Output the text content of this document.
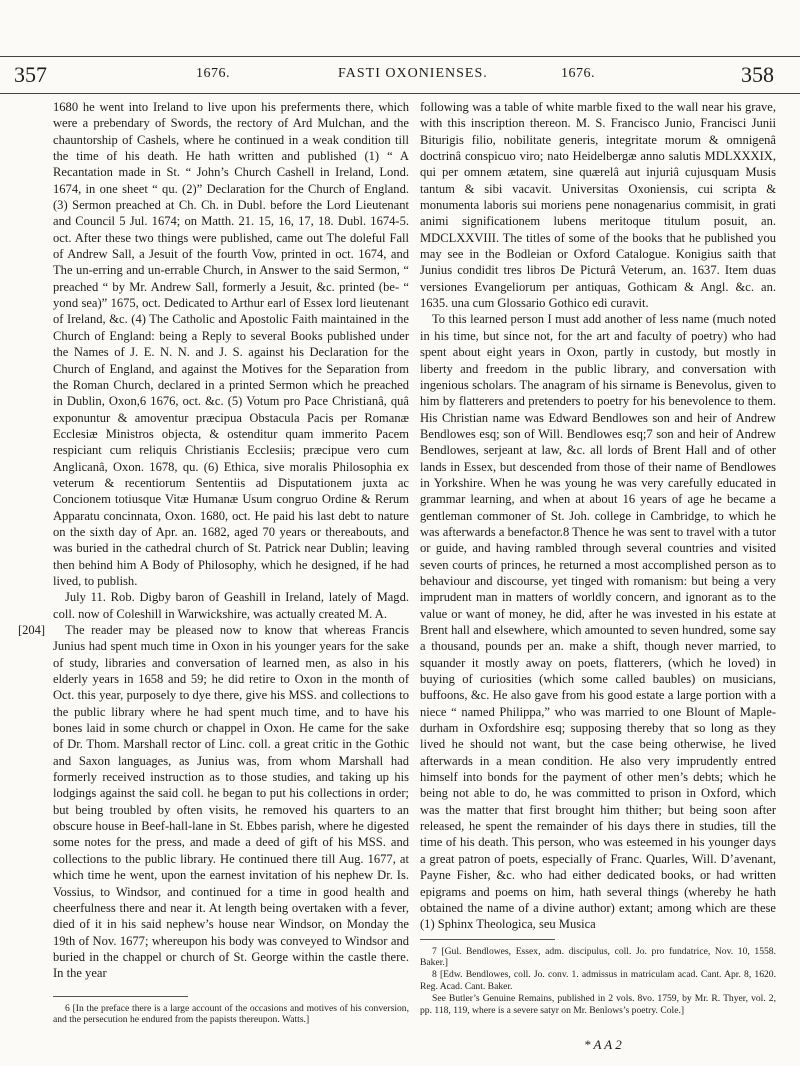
357	1676.	FASTI OXONIENSES.	1676.	358
[204]

1680 he went into Ireland to live upon his preferments there, which were a prebendary of Swords, the rectory of Ard Mulchan, and the chauntorship of Cashels, where he continued in a weak condition till the time of his death. He hath written and published (1) “ A Recantation made in St. “ John’s Church Cashell in Ireland, Lond. 1674, in one sheet “ qu. (2)” Declaration for the Church of England. (3) Sermon preached at Ch. Ch. in Dubl. before the Lord Lieutenant and Council 5 Jul. 1674; on Matth. 21. 15, 16, 17, 18. Dubl. 1674-5. oct. After these two things were published, came out The doleful Fall of Andrew Sall, a Jesuit of the fourth Vow, printed in oct. 1674, and The un-erring and un-errable Church, in Answer to the said Sermon, “ preached “ by Mr. Andrew Sall, formerly a Jesuit, &c. printed (be- “ yond sea)” 1675, oct. Dedicated to Arthur earl of Essex lord lieutenant of Ireland, &c. (4) The Catholic and Apostolic Faith maintained in the Church of England: being a Reply to several Books published under the Names of J. E. N. N. and J. S. against his Declaration for the Church of England, and against the Motives for the Separation from the Roman Church, declared in a printed Sermon which he preached in Dublin, Oxon,6 1676, oct. &c. (5) Votum pro Pace Christianâ, quâ exponuntur & amoventur præcipua Obstacula Pacis per Romanæ Ecclesiæ Ministros objecta, & ostenditur quam immerito Pacem respiciant cum reliquis Christianis Ecclesiis; præcipue vero cum Anglicanâ, Oxon. 1678, qu. (6) Ethica, sive moralis Philosophia ex veterum & recentiorum Sententiis ad Disputationem juxta ac Concionem totiusque Vitæ Humanæ Usum congruo Ordine & Rerum Apparatu concinnata, Oxon. 1680, oct. He paid his last debt to nature on the sixth day of Apr. an. 1682, aged 70 years or thereabouts, and was buried in the cathedral church of St. Patrick near Dublin; leaving then behind him A Body of Philosophy, which he designed, if he had lived, to publish.

July 11. Rob. Digby baron of Geashill in Ireland, lately of Magd. coll. now of Coleshill in Warwickshire, was actually created M. A.

The reader may be pleased now to know that whereas Francis Junius had spent much time in Oxon in his younger years for the sake of study, libraries and conversation of learned men, as also in his elderly years in 1658 and 59; he did retire to Oxon in the month of Oct. this year, purposely to dye there, give his MSS. and collections to the public library where he had spent much time, and to have his bones laid in some church or chappel in Oxon. He came for the sake of Dr. Thom. Marshall rector of Linc. coll. a great critic in the Gothic and Saxon languages, as Junius was, from whom Marshall had formerly received instruction as to those studies, and taking up his lodgings against the said coll. he began to put his collections in order; but being troubled by often visits, he removed his quarters to an obscure house in Beef-hall-lane in St. Ebbes parish, where he digested some notes for the press, and made a deed of gift of his MSS. and collections to the public library. He continued there till Aug. 1677, at which time he went, upon the earnest invitation of his nephew Dr. Is. Vossius, to Windsor, and continued for a time in good health and cheerfulness there and near it. At length being overtaken with a fever, died of it in his said nephew’s house near Windsor, on Monday the 19th of Nov. 1677; whereupon his body was conveyed to Windsor and buried in the chappel or church of St. George within the castle there. In the year

6 [In the preface there is a large account of the occasions and motives of his conversion, and the persecution he endured from the papists thereupon. Watts.]

following was a table of white marble fixed to the wall near his grave, with this inscription thereon. M. S. Francisco Junio, Francisci Junii Biturigis filio, nobilitate generis, integritate morum & omnigenâ doctrinâ conspicuo viro; nato Heidelbergæ anno salutis MDLXXXIX, qui per omnem ætatem, sine quærelâ aut injuriâ cujusquam Musis tantum & sibi vacavit. Universitas Oxoniensis, cui scripta & monumenta laboris sui moriens pene nonagenarius commisit, in grati animi significationem lubens meritoque titulum posuit, an. MDCLXXVIII. The titles of some of the books that he published you may see in the Bodleian or Oxford Catalogue. Konigius saith that Junius condidit tres libros De Picturâ Veterum, an. 1637. Item duas versiones Evangeliorum per antiquas, Gothicam & Angl. &c. an. 1635. una cum Glossario Gothico edi curavit.

To this learned person I must add another of less name (much noted in his time, but since not, for the art and faculty of poetry) who had spent about eight years in Oxon, partly in custody, but mostly in liberty and freedom in the public library, and conversation with ingenious scholars. The anagram of his sirname is Benevolus, given to him by flatterers and pretenders to poetry for his benevolence to them. His Christian name was Edward Bendlowes son and heir of Andrew Bendlowes esq; son of Will. Bendlowes esq;7 son and heir of Andrew Bendlowes, serjeant at law, &c. all lords of Brent Hall and of other lands in Essex, but descended from those of their name of Bendlowes in Yorkshire. When he was young he was very carefully educated in grammar learning, and when at about 16 years of age he became a gentleman commoner of St. Joh. college in Cambridge, to which he was afterwards a benefactor.8 Thence he was sent to travel with a tutor or guide, and having rambled through several countries and visited seven courts of princes, he returned a most accomplished person as to behaviour and discourse, yet tinged with romanism: but being a very imprudent man in matters of worldly concern, and ignorant as to the value or want of money, he did, after he was invested in his estate at Brent hall and elsewhere, which amounted to seven hundred, some say a thousand, pounds per an. make a shift, though never married, to squander it mostly away on poets, flatterers, (which he loved) in buying of curiosities (which some called baubles) on musicians, buffoons, &c. He also gave from his good estate a large portion with a niece “ named Philippa,” who was married to one Blount of Maple-durham in Oxfordshire esq; supposing thereby that so long as they lived he should not want, but the case being otherwise, he lived afterwards in a mean condition. He also very imprudently entred himself into bonds for the payment of other men’s debts; which he being not able to do, he was committed to prison in Oxford, which was the matter that first brought him thither; but being soon after released, he spent the remainder of his days there in studies, till the time of his death. This person, who was esteemed in his younger days a great patron of poets, especially of Franc. Quarles, Will. D’avenant, Payne Fisher, &c. who had either dedicated books, or had written epigrams and poems on him, hath several things (whereby he hath obtained the name of a divine author) extant; among which are these (1) Sphinx Theologica, seu Musica

7 [Gul. Bendlowes, Essex, adm. discipulus, coll. Jo. pro fundatrice, Nov. 10, 1558. Baker.]

8 [Edw. Bendlowes, coll. Jo. conv. 1. admissus in matriculam acad. Cant. Apr. 8, 1620. Reg. Acad. Cant. Baker.

See Butler’s Genuine Remains, published in 2 vols. 8vo. 1759, by Mr. R. Thyer, vol. 2, pp. 118, 119, where is a severe satyr on Mr. Benlows’s poetry. Cole.]

* A A 2
